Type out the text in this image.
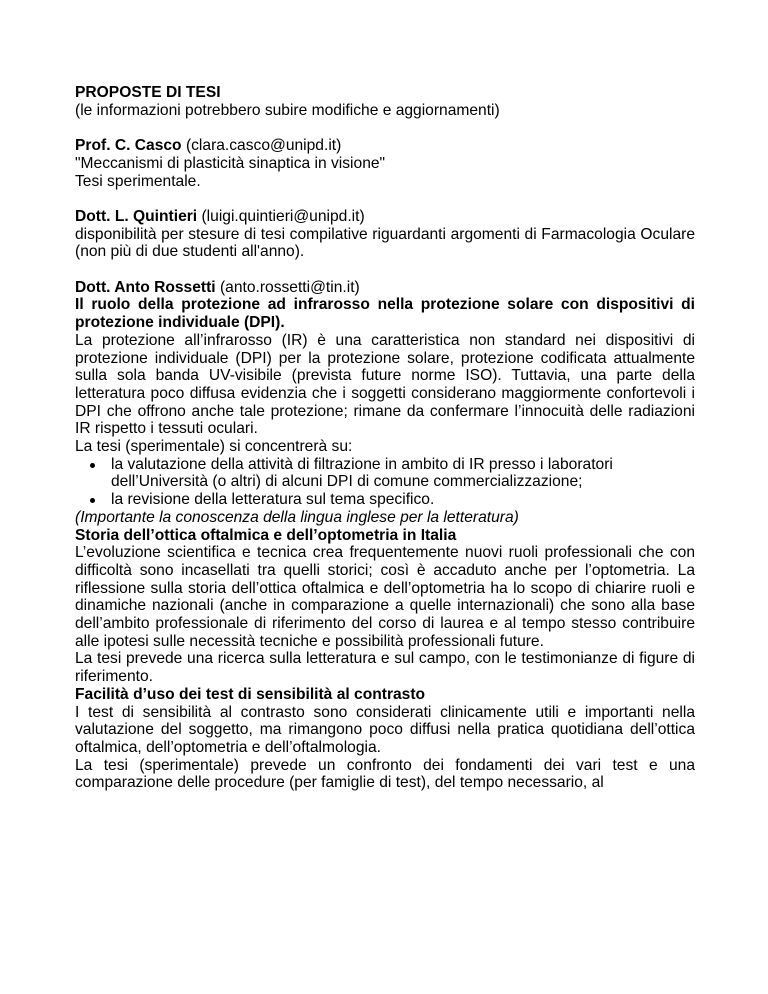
PROPOSTE DI TESI

(le informazioni potrebbero subire modifiche e aggiornamenti)

Prof. C. Casco (clara.casco@unipd.it)

"Meccanismi di plasticità sinaptica in visione"

Tesi sperimentale.

Dott. L. Quintieri (luigi.quintieri@unipd.it)

disponibilità per stesure di tesi compilative riguardanti argomenti di Farmacologia Oculare (non più di due studenti all'anno).

Dott. Anto Rossetti (anto.rossetti@tin.it)

Il ruolo della protezione ad infrarosso nella protezione solare con dispositivi di protezione individuale (DPI).

La protezione all’infrarosso (IR) è una caratteristica non standard nei dispositivi di protezione individuale (DPI) per la protezione solare, protezione codificata attualmente sulla sola banda UV-visibile (prevista future norme ISO). Tuttavia, una parte della letteratura poco diffusa evidenzia che i soggetti considerano maggiormente confortevoli i DPI che offrono anche tale protezione; rimane da confermare l’innocuità delle radiazioni IR rispetto i tessuti oculari.

La tesi (sperimentale) si concentrerà su:

la valutazione della attività di filtrazione in ambito di IR presso i laboratori dell’Università (o altri) di alcuni DPI di comune commercializzazione;
la revisione della letteratura sul tema specifico.

(Importante la conoscenza della lingua inglese per la letteratura)

Storia dell’ottica oftalmica e dell’optometria in Italia

L’evoluzione scientifica e tecnica crea frequentemente nuovi ruoli professionali che con difficoltà sono incasellati tra quelli storici; così è accaduto anche per l’optometria. La riflessione sulla storia dell’ottica oftalmica e dell’optometria ha lo scopo di chiarire ruoli e dinamiche nazionali (anche in comparazione a quelle internazionali) che sono alla base dell’ambito professionale di riferimento del corso di laurea e al tempo stesso contribuire alle ipotesi sulle necessità tecniche e possibilità professionali future.

La tesi prevede una ricerca sulla letteratura e sul campo, con le testimonianze di figure di riferimento.

Facilità d’uso dei test di sensibilità al contrasto

I test di sensibilità al contrasto sono considerati clinicamente utili e importanti nella valutazione del soggetto, ma rimangono poco diffusi nella pratica quotidiana dell’ottica oftalmica, dell’optometria e dell’oftalmologia.

La tesi (sperimentale) prevede un confronto dei fondamenti dei vari test e una comparazione delle procedure (per famiglie di test), del tempo necessario, al
